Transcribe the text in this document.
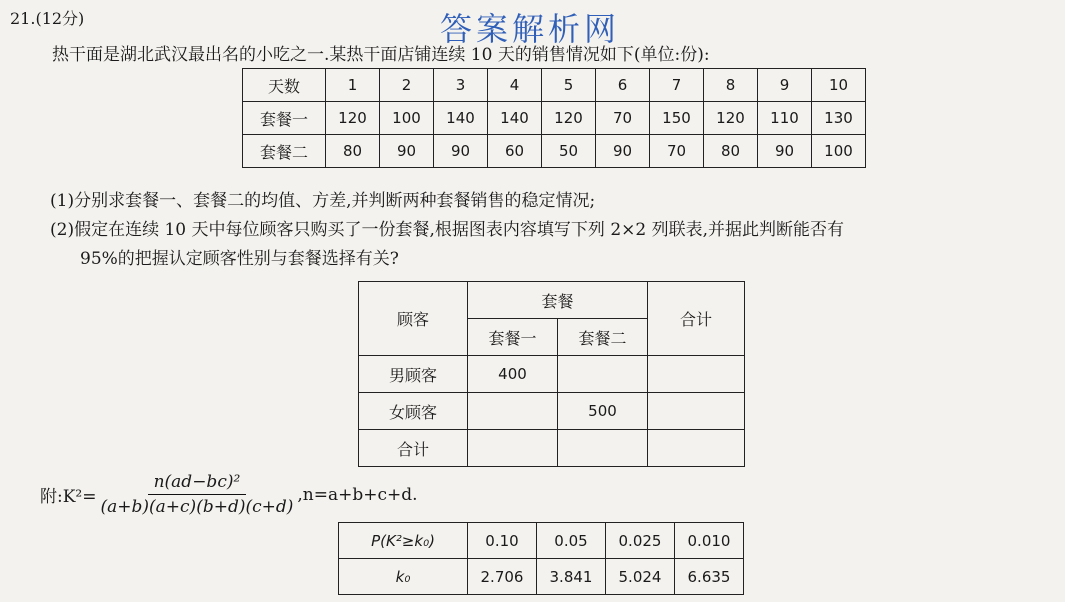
21.(12分)	答案解析网
热干面是湖北武汉最出名的小吃之一.某热干面店铺连续 10 天的销售情况如下(单位:份):
天数	1	2	3	4	5	6	7	8	9	10
套餐一	120	100	140	140	120	70	150	120	110	130
套餐二	80	90	90	60	50	90	70	80	90	100
(1)分别求套餐一、套餐二的均值、方差,并判断两种套餐销售的稳定情况;
(2)假定在连续 10 天中每位顾客只购买了一份套餐,根据图表内容填写下列 2×2 列联表,并据此判断能否有
95%的把握认定顾客性别与套餐选择有关?
顾客	套餐		合计
	套餐一	套餐二	
男顾客	400		
女顾客		500	
合计			
附:K²= $\frac{\text{n(ad−bc)²}}{(a+b)(a+c)(b+d)(c+d)} ,n=a+b+c+d$.
P(K²≥k₀)	0.10	0.05	0.025	0.010
k₀	2.706	3.841	5.024	6.635
